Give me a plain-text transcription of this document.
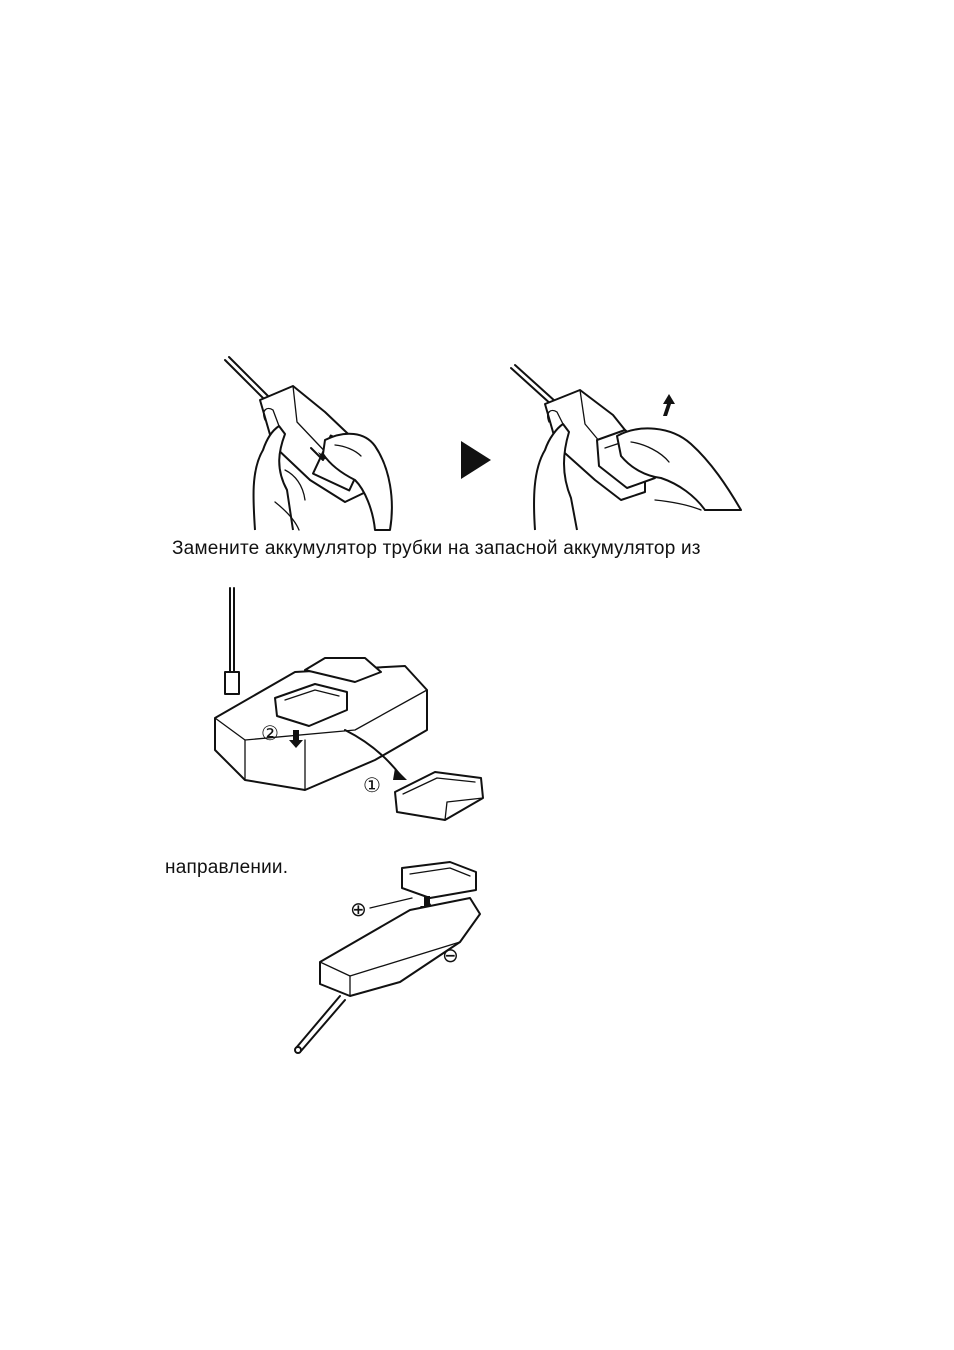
Замените аккумулятор трубки на запасной аккумулятор из
②
①
направлении.
⊕
⊖
